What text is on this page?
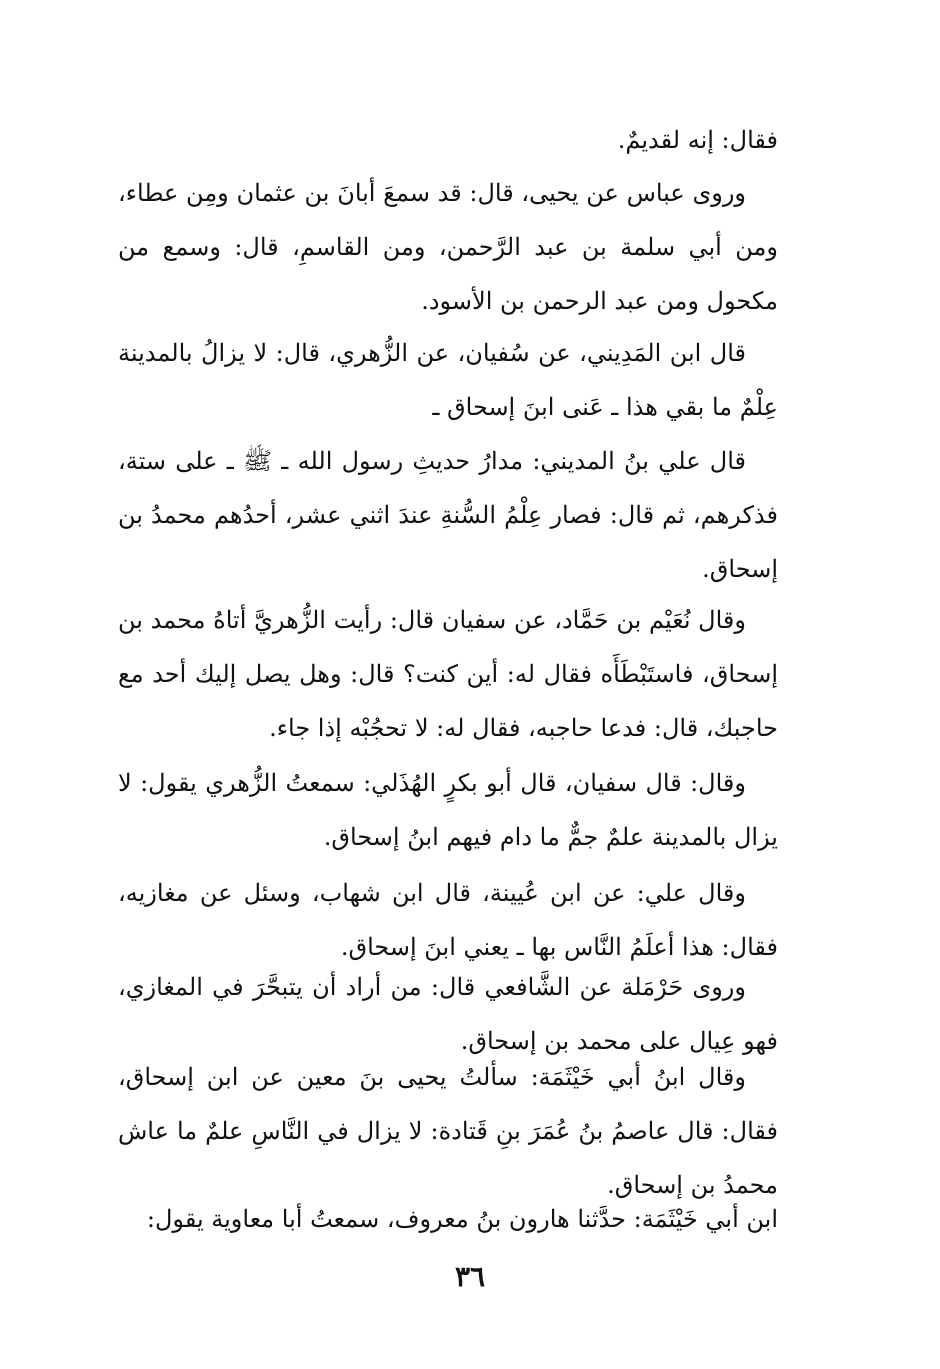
فقال: إنه لقديمٌ.

وروى عباس عن يحيى، قال: قد سمعَ أبانَ بن عثمان ومِن عطاء، ومن أبي سلمة بن عبد الرَّحمن، ومن القاسمِ، قال: وسمع من مكحول ومن عبد الرحمن بن الأسود.

قال ابن المَدِيني، عن سُفيان، عن الزُّهري، قال: لا يزالُ بالمدينة عِلْمٌ ما بقي هذا ـ عَنى ابنَ إسحاق ـ

قال علي بنُ المديني: مدارُ حديثِ رسول الله ـ ﷺ ـ على ستة، فذكرهم، ثم قال: فصار عِلْمُ السُّنةِ عندَ اثني عشر، أحدُهم محمدُ بن إسحاق.

وقال نُعَيْم بن حَمَّاد، عن سفيان قال: رأيت الزُّهريَّ أتاهُ محمد بن إسحاق، فاستَبْطَأَه فقال له: أين كنت؟ قال: وهل يصل إليك أحد مع حاجبك، قال: فدعا حاجبه، فقال له: لا تحجُبْه إذا جاء.

وقال: قال سفيان، قال أبو بكرٍ الهُذَلي: سمعتُ الزُّهري يقول: لا يزال بالمدينة علمٌ جمٌّ ما دام فيهم ابنُ إسحاق.

وقال علي: عن ابن عُيينة، قال ابن شهاب، وسئل عن مغازيه، فقال: هذا أعلَمُ النَّاس بها ـ يعني ابنَ إسحاق.

وروى حَرْمَلة عن الشَّافعي قال: من أراد أن يتبحَّرَ في المغازي، فهو عِيال على محمد بن إسحاق.

وقال ابنُ أبي خَيْثَمَة: سألتُ يحيى بنَ معين عن ابن إسحاق، فقال: قال عاصمُ بنُ عُمَرَ بنِ قَتادة: لا يزال في النَّاسِ علمٌ ما عاش محمدُ بن إسحاق.

ابن أبي خَيْثَمَة: حدَّثنا هارون بنُ معروف، سمعتُ أبا معاوية يقول:

٣٦
